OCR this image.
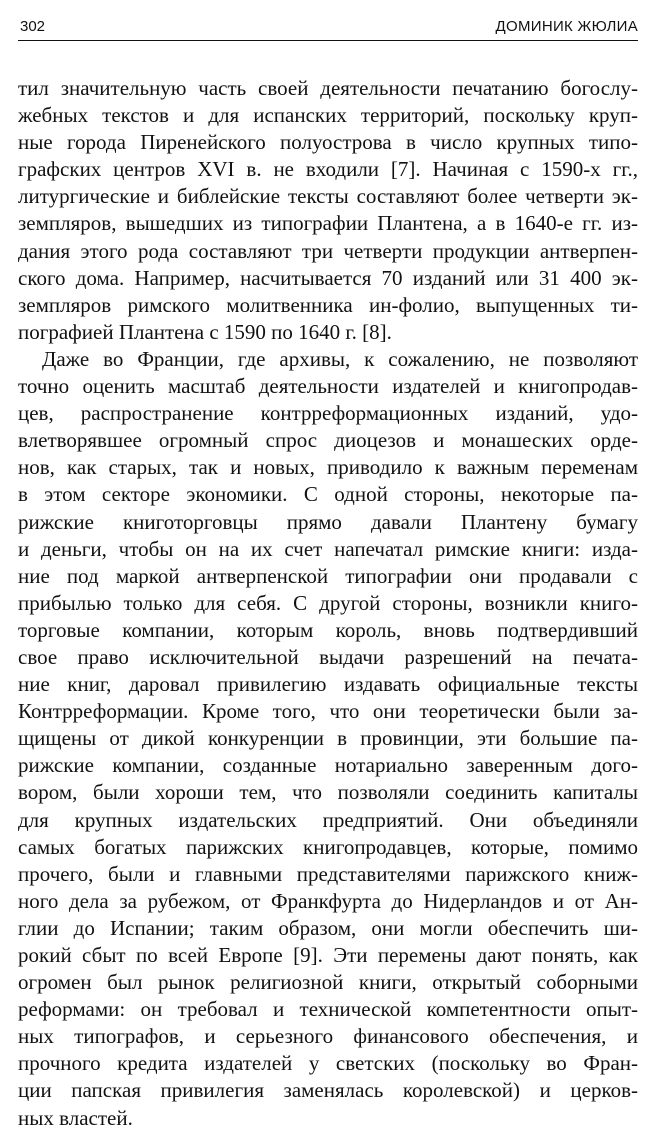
302	ДОМИНИК ЖЮЛИА
тил значительную часть своей деятельности печатанию богослу-
жебных текстов и для испанских территорий, поскольку круп-
ные города Пиренейского полуострова в число крупных типо-
графских центров XVI в. не входили [7]. Начиная с 1590-х гг.,
литургические и библейские тексты составляют более четверти эк-
земпляров, вышедших из типографии Плантена, а в 1640-е гг. из-
дания этого рода составляют три четверти продукции антверпен-
ского дома. Например, насчитывается 70 изданий или 31 400 эк-
земпляров римского молитвенника ин-фолио, выпущенных ти-
пографией Плантена с 1590 по 1640 г. [8].
Даже во Франции, где архивы, к сожалению, не позволяют
точно оценить масштаб деятельности издателей и книгопродав-
цев, распространение контрреформационных изданий, удо-
влетворявшее огромный спрос диоцезов и монашеских орде-
нов, как старых, так и новых, приводило к важным переменам
в этом секторе экономики. С одной стороны, некоторые па-
рижские книготорговцы прямо давали Плантену бумагу
и деньги, чтобы он на их счет напечатал римские книги: изда-
ние под маркой антверпенской типографии они продавали с
прибылью только для себя. С другой стороны, возникли книго-
торговые компании, которым король, вновь подтвердивший
свое право исключительной выдачи разрешений на печата-
ние книг, даровал привилегию издавать официальные тексты
Контрреформации. Кроме того, что они теоретически были за-
щищены от дикой конкуренции в провинции, эти большие па-
рижские компании, созданные нотариально заверенным дого-
вором, были хороши тем, что позволяли соединить капиталы
для крупных издательских предприятий. Они объединяли
самых богатых парижских книгопродавцев, которые, помимо
прочего, были и главными представителями парижского книж-
ного дела за рубежом, от Франкфурта до Нидерландов и от Ан-
глии до Испании; таким образом, они могли обеспечить ши-
рокий сбыт по всей Европе [9]. Эти перемены дают понять, как
огромен был рынок религиозной книги, открытый соборными
реформами: он требовал и технической компетентности опыт-
ных типографов, и серьезного финансового обеспечения, и
прочного кредита издателей у светских (поскольку во Фран-
ции папская привилегия заменялась королевской) и церков-
ных властей.
